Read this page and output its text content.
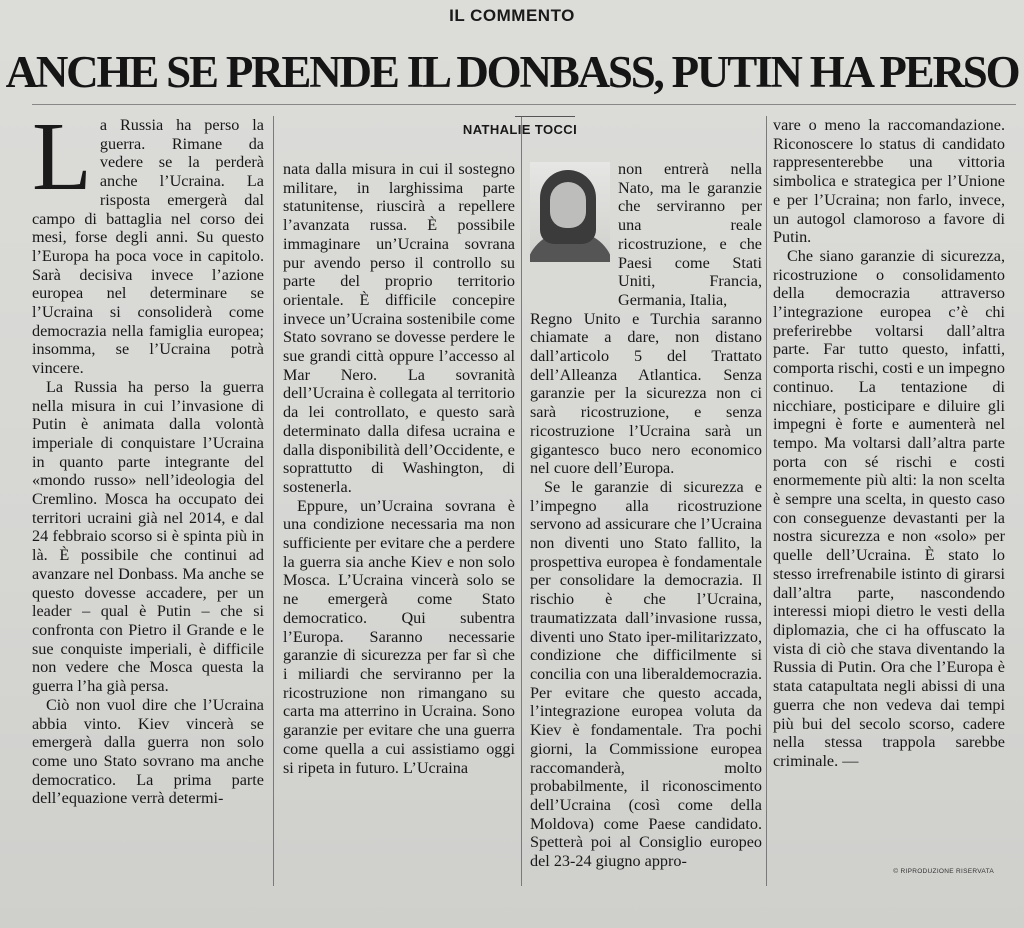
IL COMMENTO
ANCHE SE PRENDE IL DONBASS, PUTIN HA PERSO

La Russia ha perso la guerra. Rimane da vedere se la perderà anche l’Ucraina. La risposta emergerà dal campo di battaglia nel corso dei mesi, forse degli anni. Su questo l’Europa ha poca voce in capitolo. Sarà decisiva invece l’azione europea nel determinare se l’Ucraina si consoliderà come democrazia nella famiglia europea; insomma, se l’Ucraina potrà vincere.

La Russia ha perso la guerra nella misura in cui l’invasione di Putin è animata dalla volontà imperiale di conquistare l’Ucraina in quanto parte integrante del «mondo russo» nell’ideologia del Cremlino. Mosca ha occupato dei territori ucraini già nel 2014, e dal 24 febbraio scorso si è spinta più in là. È possibile che continui ad avanzare nel Donbass. Ma anche se questo dovesse accadere, per un leader – qual è Putin – che si confronta con Pietro il Grande e le sue conquiste imperiali, è difficile non vedere che Mosca questa la guerra l’ha già persa.

Ciò non vuol dire che l’Ucraina abbia vinto. Kiev vincerà se emergerà dalla guerra non solo come uno Stato sovrano ma anche democratico. La prima parte dell’equazione verrà determi-

nata dalla misura in cui il sostegno militare, in larghissima parte statunitense, riuscirà a repellere l’avanzata russa. È possibile immaginare un’Ucraina sovrana pur avendo perso il controllo su parte del proprio territorio orientale. È difficile concepire invece un’Ucraina sostenibile come Stato sovrano se dovesse perdere le sue grandi città oppure l’accesso al Mar Nero. La sovranità dell’Ucraina è collegata al territorio da lei controllato, e questo sarà determinato dalla difesa ucraina e dalla disponibilità dell’Occidente, e soprattutto di Washington, di sostenerla.

Eppure, un’Ucraina sovrana è una condizione necessaria ma non sufficiente per evitare che a perdere la guerra sia anche Kiev e non solo Mosca. L’Ucraina vincerà solo se ne emergerà come Stato democratico. Qui subentra l’Europa. Saranno necessarie garanzie di sicurezza per far sì che i miliardi che serviranno per la ricostruzione non rimangano su carta ma atterrino in Ucraina. Sono garanzie per evitare che una guerra come quella a cui assistiamo oggi si ripeta in futuro. L’Ucraina

NATHALIE TOCCI
non entrerà nella Nato, ma le garanzie che serviranno per una reale ricostruzione, e che Paesi come Stati Uniti, Francia, Germania, Italia,

Regno Unito e Turchia saranno chiamate a dare, non distano dall’articolo 5 del Trattato dell’Alleanza Atlantica. Senza garanzie per la sicurezza non ci sarà ricostruzione, e senza ricostruzione l’Ucraina sarà un gigantesco buco nero economico nel cuore dell’Europa.

Se le garanzie di sicurezza e l’impegno alla ricostruzione servono ad assicurare che l’Ucraina non diventi uno Stato fallito, la prospettiva europea è fondamentale per consolidare la democrazia. Il rischio è che l’Ucraina, traumatizzata dall’invasione russa, diventi uno Stato iper-militarizzato, condizione che difficilmente si concilia con una liberaldemocrazia. Per evitare che questo accada, l’integrazione europea voluta da Kiev è fondamentale. Tra pochi giorni, la Commissione europea raccomanderà, molto probabilmente, il riconoscimento dell’Ucraina (così come della Moldova) come Paese candidato. Spetterà poi al Consiglio europeo del 23-24 giugno appro-

vare o meno la raccomandazione. Riconoscere lo status di candidato rappresenterebbe una vittoria simbolica e strategica per l’Unione e per l’Ucraina; non farlo, invece, un autogol clamoroso a favore di Putin.

Che siano garanzie di sicurezza, ricostruzione o consolidamento della democrazia attraverso l’integrazione europea c’è chi preferirebbe voltarsi dall’altra parte. Far tutto questo, infatti, comporta rischi, costi e un impegno continuo. La tentazione di nicchiare, posticipare e diluire gli impegni è forte e aumenterà nel tempo. Ma voltarsi dall’altra parte porta con sé rischi e costi enormemente più alti: la non scelta è sempre una scelta, in questo caso con conseguenze devastanti per la nostra sicurezza e non «solo» per quelle dell’Ucraina. È stato lo stesso irrefrenabile istinto di girarsi dall’altra parte, nascondendo interessi miopi dietro le vesti della diplomazia, che ci ha offuscato la vista di ciò che stava diventando la Russia di Putin. Ora che l’Europa è stata catapultata negli abissi di una guerra che non vedeva dai tempi più bui del secolo scorso, cadere nella stessa trappola sarebbe criminale. —

© RIPRODUZIONE RISERVATA
